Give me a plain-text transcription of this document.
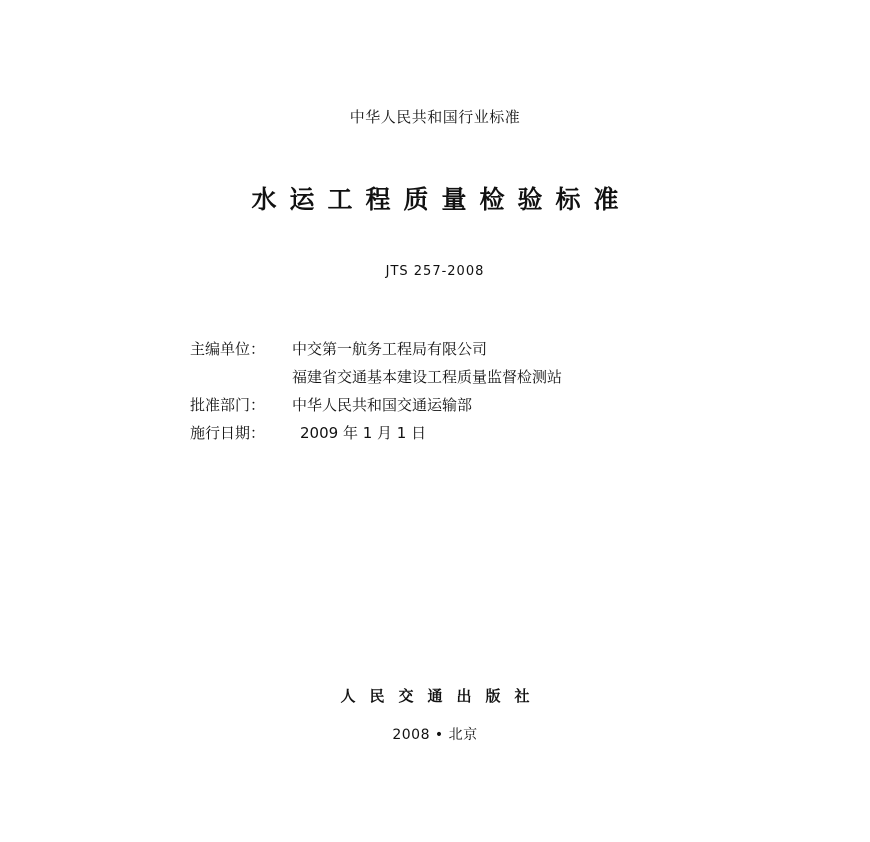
中华人民共和国行业标准
水运工程质量检验标准
JTS 257-2008
主编单位：	中交第一航务工程局有限公司
福建省交通基本建设工程质量监督检测站
批准部门：	中华人民共和国交通运输部
施行日期：	2009 年 1 月 1 日
人民交通出版社
2008 • 北京
